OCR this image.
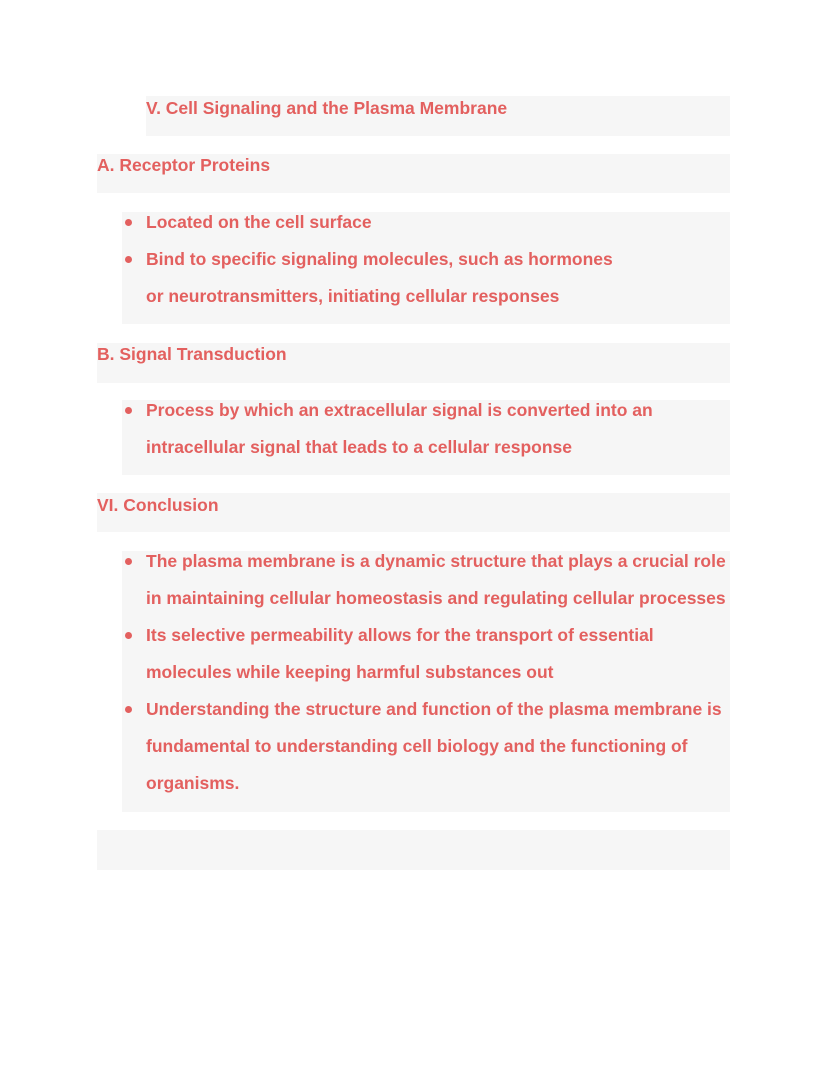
V. Cell Signaling and the Plasma Membrane
A. Receptor Proteins
Located on the cell surface
Bind to specific signaling molecules, such as hormones or neurotransmitters, initiating cellular responses
B. Signal Transduction
Process by which an extracellular signal is converted into an intracellular signal that leads to a cellular response
VI. Conclusion
The plasma membrane is a dynamic structure that plays a crucial role in maintaining cellular homeostasis and regulating cellular processes
Its selective permeability allows for the transport of essential molecules while keeping harmful substances out
Understanding the structure and function of the plasma membrane is fundamental to understanding cell biology and the functioning of organisms.
